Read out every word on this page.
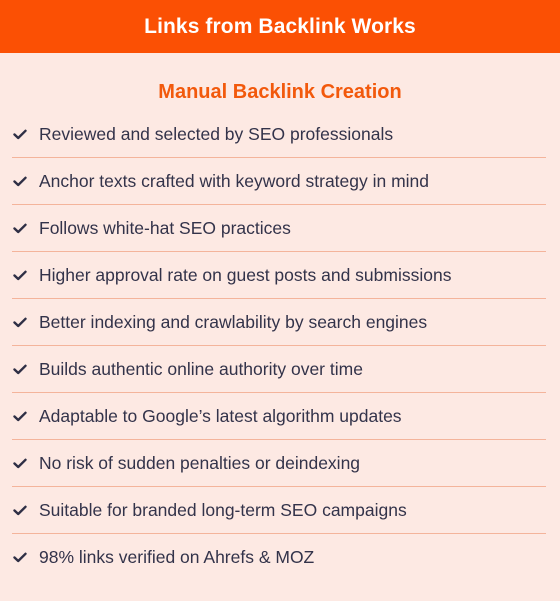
Links from Backlink Works
Manual Backlink Creation
Reviewed and selected by SEO professionals
Anchor texts crafted with keyword strategy in mind
Follows white-hat SEO practices
Higher approval rate on guest posts and submissions
Better indexing and crawlability by search engines
Builds authentic online authority over time
Adaptable to Google’s latest algorithm updates
No risk of sudden penalties or deindexing
Suitable for branded long-term SEO campaigns
98% links verified on Ahrefs & MOZ
